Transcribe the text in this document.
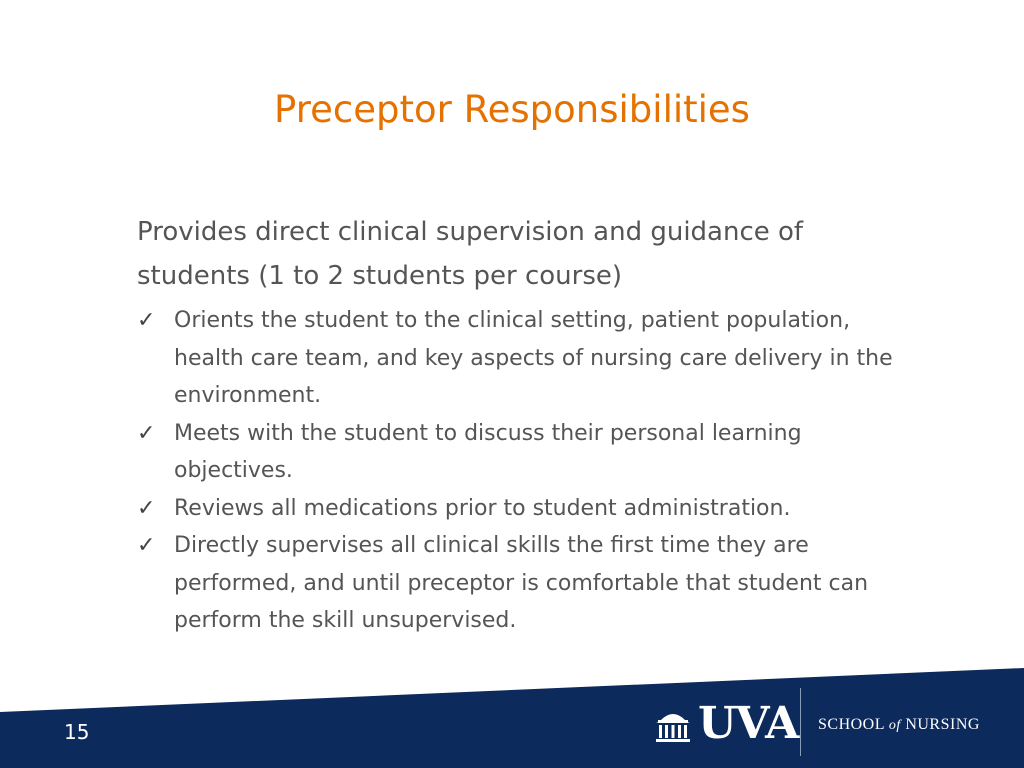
Preceptor Responsibilities
Provides direct clinical supervision and guidance of students (1 to 2 students per course)
✓ Orients the student to the clinical setting, patient population, health care team, and key aspects of nursing care delivery in the environment.
✓ Meets with the student to discuss their personal learning objectives.
✓ Reviews all medications prior to student administration.
✓ Directly supervises all clinical skills the first time they are performed, and until preceptor is comfortable that student can perform the skill unsupervised.
15	UVA SCHOOL of NURSING
